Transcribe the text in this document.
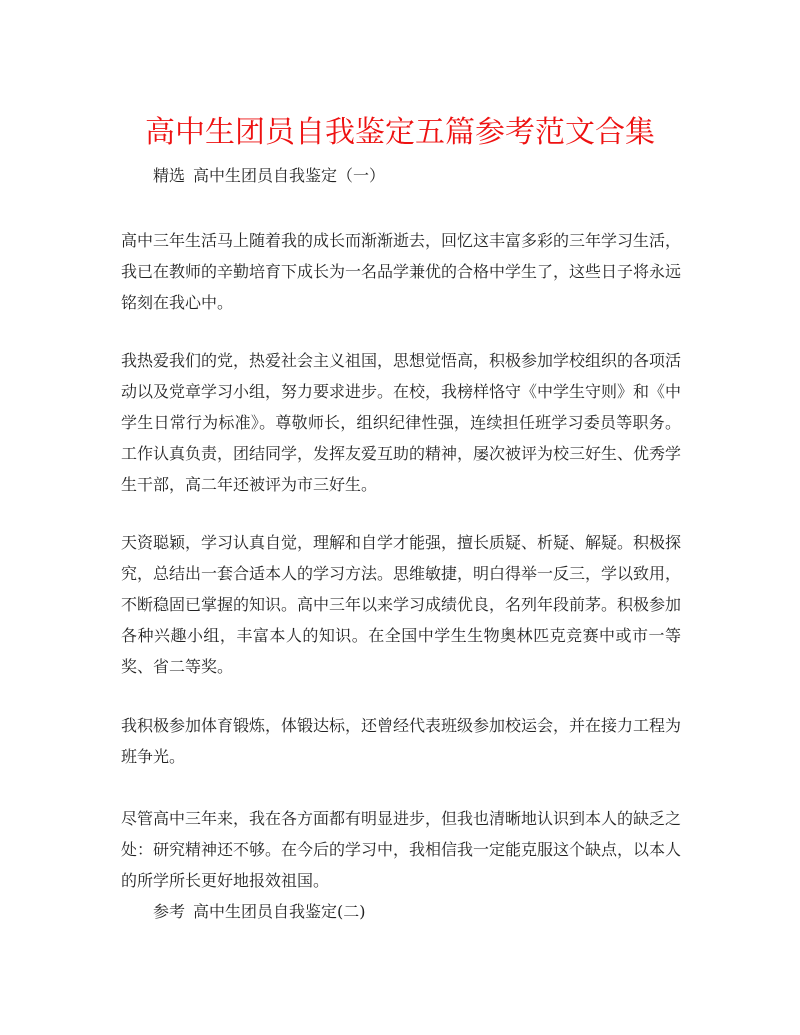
高中生团员自我鉴定五篇参考范文合集
精选 高中生团员自我鉴定（一）

高中三年生活马上随着我的成长而渐渐逝去，回忆这丰富多彩的三年学习生活，我已在教师的辛勤培育下成长为一名品学兼优的合格中学生了，这些日子将永远铭刻在我心中。

我热爱我们的党，热爱社会主义祖国，思想觉悟高，积极参加学校组织的各项活动以及党章学习小组，努力要求进步。在校，我榜样恪守《中学生守则》和《中学生日常行为标准》。尊敬师长，组织纪律性强，连续担任班学习委员等职务。工作认真负责，团结同学，发挥友爱互助的精神，屡次被评为校三好生、优秀学生干部，高二年还被评为市三好生。

天资聪颖，学习认真自觉，理解和自学才能强，擅长质疑、析疑、解疑。积极探究，总结出一套合适本人的学习方法。思维敏捷，明白得举一反三，学以致用，不断稳固已掌握的知识。高中三年以来学习成绩优良，名列年段前茅。积极参加各种兴趣小组，丰富本人的知识。在全国中学生生物奥林匹克竞赛中或市一等奖、省二等奖。

我积极参加体育锻炼，体锻达标，还曾经代表班级参加校运会，并在接力工程为班争光。

尽管高中三年来，我在各方面都有明显进步，但我也清晰地认识到本人的缺乏之处：研究精神还不够。在今后的学习中，我相信我一定能克服这个缺点，以本人的所学所长更好地报效祖国。

参考 高中生团员自我鉴定(二)
